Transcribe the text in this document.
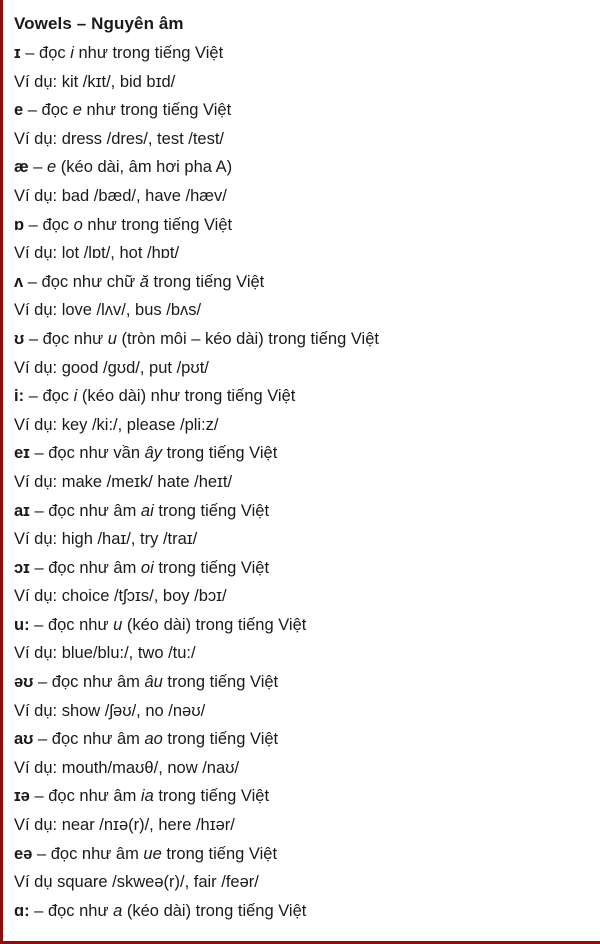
Vowels – Nguyên âm
ɪ – đọc i như trong tiếng Việt
Ví dụ: kit /kɪt/, bid bɪd/
e – đọc e như trong tiếng Việt
Ví dụ: dress /dres/, test /test/
æ – e (kéo dài, âm hơi pha A)
Ví dụ: bad /bæd/, have /hæv/
ɒ – đọc o như trong tiếng Việt
Ví dụ: lot /lɒt/, hot /hɒt/
ʌ – đọc như chữ ă trong tiếng Việt
Ví dụ: love /lʌv/, bus /bʌs/
ʊ – đọc như u (tròn môi – kéo dài) trong tiếng Việt
Ví dụ: good /gʊd/, put /pʊt/
i: – đọc i (kéo dài) như trong tiếng Việt
Ví dụ: key /ki:/, please /pli:z/
eɪ – đọc như vần ây trong tiếng Việt
Ví dụ: make /meɪk/ hate /heɪt/
aɪ – đọc như âm ai trong tiếng Việt
Ví dụ: high /haɪ/, try /traɪ/
ɔɪ – đọc như âm oi trong tiếng Việt
Ví dụ: choice /tʃɔɪs/, boy /bɔɪ/
u: – đọc như u (kéo dài) trong tiếng Việt
Ví dụ: blue/blu:/, two /tu:/
əʊ – đọc như âm âu trong tiếng Việt
Ví dụ: show /ʃəʊ/, no /nəʊ/
aʊ – đọc như âm ao trong tiếng Việt
Ví dụ: mouth/maʊθ/, now /naʊ/
ɪə – đọc như âm ia trong tiếng Việt
Ví dụ: near /nɪə(r)/, here /hɪər/
eə – đọc như âm ue trong tiếng Việt
Ví dụ square /skweə(r)/, fair /feər/
ɑ: – đọc như a (kéo dài) trong tiếng Việt
